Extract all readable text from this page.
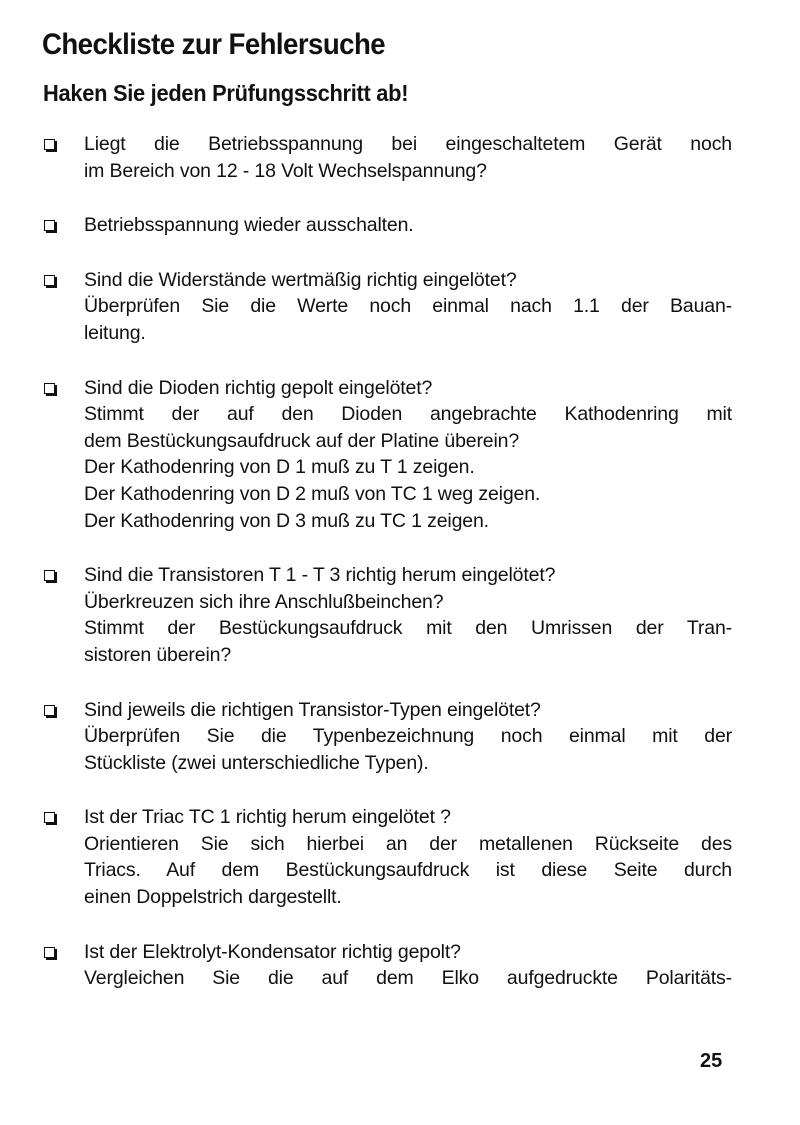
Checkliste zur Fehlersuche
Haken Sie jeden Prüfungsschritt ab!
Liegt die Betriebsspannung bei eingeschaltetem Gerät noch
im Bereich von 12 - 18 Volt Wechselspannung?
Betriebsspannung wieder ausschalten.
Sind die Widerstände wertmäßig richtig eingelötet?
Überprüfen Sie die Werte noch einmal nach 1.1 der Bauan-
leitung.
Sind die Dioden richtig gepolt eingelötet?
Stimmt der auf den Dioden angebrachte Kathodenring mit
dem Bestückungsaufdruck auf der Platine überein?
Der Kathodenring von D 1 muß zu T 1 zeigen.
Der Kathodenring von D 2 muß von TC 1 weg zeigen.
Der Kathodenring von D 3 muß zu TC 1 zeigen.
Sind die Transistoren T 1 - T 3 richtig herum eingelötet?
Überkreuzen sich ihre Anschlußbeinchen?
Stimmt der Bestückungsaufdruck mit den Umrissen der Tran-
sistoren überein?
Sind jeweils die richtigen Transistor-Typen eingelötet?
Überprüfen Sie die Typenbezeichnung noch einmal mit der
Stückliste (zwei unterschiedliche Typen).
Ist der Triac TC 1 richtig herum eingelötet ?
Orientieren Sie sich hierbei an der metallenen Rückseite des
Triacs. Auf dem Bestückungsaufdruck ist diese Seite durch
einen Doppelstrich dargestellt.
Ist der Elektrolyt-Kondensator richtig gepolt?
Vergleichen Sie die auf dem Elko aufgedruckte Polaritäts-
25
